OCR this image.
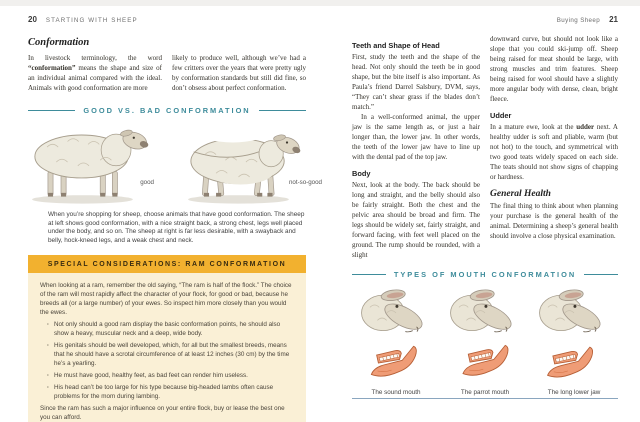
20 STARTING WITH SHEEP
Conformation

In livestock terminology, the word “conformation” means the shape and size of an individual animal compared with the ideal. Animals with good conformation are more

likely to produce well, although we’ve had a few critters over the years that were pretty ugly by conformation standards but still did fine, so don’t obsess about perfect conformation.

GOOD VS. BAD CONFORMATION
good	not-so-good

When you’re shopping for sheep, choose animals that have good conformation. The sheep at left shows good conformation, with a nice straight back, a strong chest, legs well placed under the body, and so on. The sheep at right is far less desirable, with a swayback and belly, hock-kneed legs, and a weak chest and neck.

SPECIAL CONSIDERATIONS: RAM CONFORMATION

When looking at a ram, remember the old saying, “The ram is half of the flock.” The choice of the ram will most rapidly affect the character of your flock, for good or bad, because he breeds all (or a large number) of your ewes. So inspect him more closely than you would the ewes.

· Not only should a good ram display the basic conformation points, he should also show a heavy, muscular neck and a deep, wide body.
· His genitals should be well developed, which, for all but the smallest breeds, means that he should have a scrotal circumference of at least 12 inches (30 cm) by the time he’s a yearling.
· He must have good, healthy feet, as bad feet can render him useless.
· His head can’t be too large for his type because big-headed lambs often cause problems for the mom during lambing.

Since the ram has such a major influence on your entire flock, buy or lease the best one you can afford.

Buying Sheep 21
Teeth and Shape of Head

First, study the teeth and the shape of the head. Not only should the teeth be in good shape, but the bite itself is also important. As Paula’s friend Darrel Salsbury, DVM, says, “They can’t shear grass if the blades don’t match.”

In a well-conformed animal, the upper jaw is the same length as, or just a hair longer than, the lower jaw. In other words, the teeth of the lower jaw have to line up with the dental pad of the top jaw.

Body

Next, look at the body. The back should be long and straight, and the belly should also be fairly straight. Both the chest and the pelvic area should be broad and firm. The legs should be widely set, fairly straight, and forward facing, with feet well placed on the ground. The rump should be rounded, with a slight

downward curve, but should not look like a slope that you could ski-jump off. Sheep being raised for meat should be large, with strong muscles and trim features. Sheep being raised for wool should have a slightly more angular body with dense, clean, bright fleece.

Udder

In a mature ewe, look at the udder next. A healthy udder is soft and pliable, warm (but not hot) to the touch, and symmetrical with two good teats widely spaced on each side. The teats should not show signs of chapping or hardness.

General Health

The final thing to think about when planning your purchase is the general health of the animal. Determining a sheep’s general health should involve a close physical examination.

TYPES OF MOUTH CONFORMATION
The sound mouth	The parrot mouth	The long lower jaw
